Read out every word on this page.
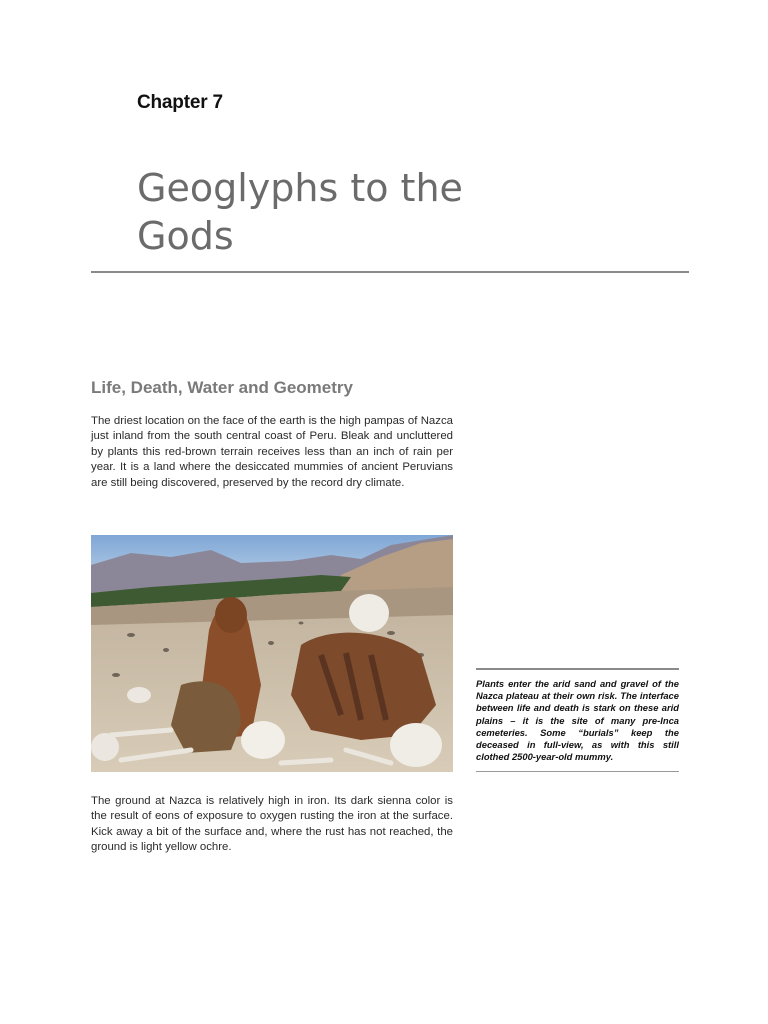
Chapter 7
Geoglyphs to the Gods
Life, Death, Water and Geometry

The driest location on the face of the earth is the high pampas of Nazca just inland from the south central coast of Peru. Bleak and uncluttered by plants this red-brown terrain receives less than an inch of rain per year. It is a land where the desiccated mummies of ancient Peruvians are still being discovered, preserved by the record dry climate.

Plants enter the arid sand and gravel of the Nazca plateau at their own risk. The interface between life and death is stark on these arid plains – it is the site of many pre-Inca cemeteries. Some “burials” keep the deceased in full-view, as with this still clothed 2500-year-old mummy.

The ground at Nazca is relatively high in iron. Its dark sienna color is the result of eons of exposure to oxygen rusting the iron at the surface. Kick away a bit of the surface and, where the rust has not reached, the ground is light yellow ochre.
